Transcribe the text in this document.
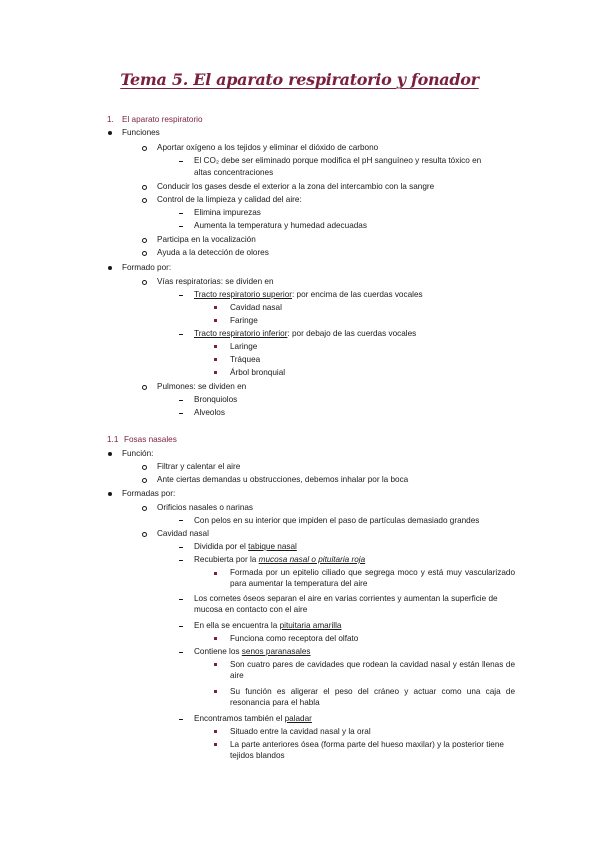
Tema 5. El aparato respiratorio y fonador
1. El aparato respiratorio
Funciones
Aportar oxígeno a los tejidos y eliminar el dióxido de carbono
El CO₂ debe ser eliminado porque modifica el pH sanguíneo y resulta tóxico en
altas concentraciones
Conducir los gases desde el exterior a la zona del intercambio con la sangre
Control de la limpieza y calidad del aire:
Elimina impurezas
Aumenta la temperatura y humedad adecuadas
Participa en la vocalización
Ayuda a la detección de olores
Formado por:
Vías respiratorias: se dividen en
Tracto respiratorio superior: por encima de las cuerdas vocales
Cavidad nasal
Faringe
Tracto respiratorio inferior: por debajo de las cuerdas vocales
Laringe
Tráquea
Árbol bronquial
Pulmones: se dividen en
Bronquiolos
Alveolos
1.1 Fosas nasales
Función:
Filtrar y calentar el aire
Ante ciertas demandas u obstrucciones, debemos inhalar por la boca
Formadas por:
Orificios nasales o narinas
Con pelos en su interior que impiden el paso de partículas demasiado grandes
Cavidad nasal
Dividida por el tabique nasal
Recubierta por la mucosa nasal o pituitaria roja
Formada por un epitelio ciliado que segrega moco y está muy vascularizado para aumentar la temperatura del aire
Los cornetes óseos separan el aire en varias corrientes y aumentan la superficie de mucosa en contacto con el aire
En ella se encuentra la pituitaria amarilla
Funciona como receptora del olfato
Contiene los senos paranasales
Son cuatro pares de cavidades que rodean la cavidad nasal y están llenas de aire
Su función es aligerar el peso del cráneo y actuar como una caja de resonancia para el habla
Encontramos también el paladar
Situado entre la cavidad nasal y la oral
La parte anteriores ósea (forma parte del hueso maxilar) y la posterior tiene tejidos blandos
